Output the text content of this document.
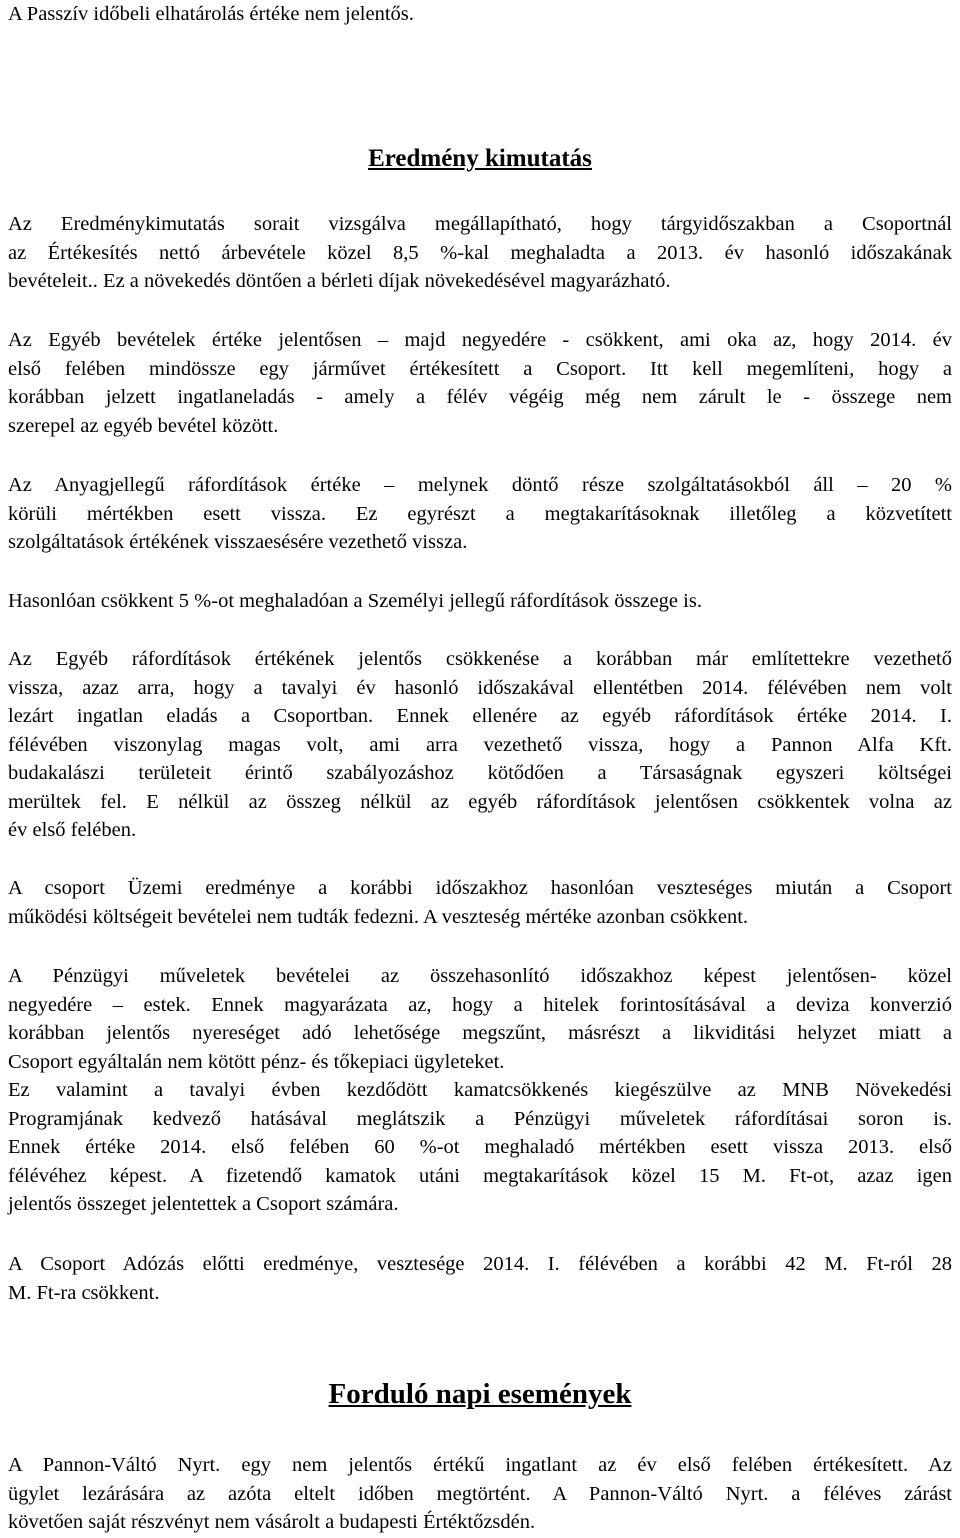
A Passzív időbeli elhatárolás értéke nem jelentős.
Eredmény kimutatás
Az Eredménykimutatás sorait vizsgálva megállapítható, hogy tárgyidőszakban a Csoportnál
az Értékesítés nettó árbevétele közel 8,5 %-kal meghaladta a 2013. év hasonló időszakának
bevételeit.. Ez a növekedés döntően a bérleti díjak növekedésével magyarázható.
Az Egyéb bevételek értéke jelentősen – majd negyedére - csökkent, ami oka az, hogy 2014. év
első felében mindössze egy járművet értékesített a Csoport. Itt kell megemlíteni, hogy a
korábban jelzett ingatlaneladás - amely a félév végéig még nem zárult le - összege nem
szerepel az egyéb bevétel között.
Az Anyagjellegű ráfordítások értéke – melynek döntő része szolgáltatásokból áll – 20 %
körüli mértékben esett vissza. Ez egyrészt a megtakarításoknak illetőleg a közvetített
szolgáltatások értékének visszaesésére vezethető vissza.
Hasonlóan csökkent 5 %-ot meghaladóan a Személyi jellegű ráfordítások összege is.
Az Egyéb ráfordítások értékének jelentős csökkenése a korábban már említettekre vezethető
vissza, azaz arra, hogy a tavalyi év hasonló időszakával ellentétben 2014. félévében nem volt
lezárt ingatlan eladás a Csoportban. Ennek ellenére az egyéb ráfordítások értéke 2014. I.
félévében viszonylag magas volt, ami arra vezethető vissza, hogy a Pannon Alfa Kft.
budakalászi területeit érintő szabályozáshoz kötődően a Társaságnak egyszeri költségei
merültek fel. E nélkül az összeg nélkül az egyéb ráfordítások jelentősen csökkentek volna az
év első felében.
A csoport Üzemi eredménye a korábbi időszakhoz hasonlóan veszteséges miután a Csoport
működési költségeit bevételei nem tudták fedezni. A veszteség mértéke azonban csökkent.
A Pénzügyi műveletek bevételei az összehasonlító időszakhoz képest jelentősen- közel
negyedére – estek. Ennek magyarázata az, hogy a hitelek forintosításával a deviza konverzió
korábban jelentős nyereséget adó lehetősége megszűnt, másrészt a likviditási helyzet miatt a
Csoport egyáltalán nem kötött pénz- és tőkepiaci ügyleteket.
Ez valamint a tavalyi évben kezdődött kamatcsökkenés kiegészülve az MNB Növekedési
Programjának kedvező hatásával meglátszik a Pénzügyi műveletek ráfordításai soron is.
Ennek értéke 2014. első felében 60 %-ot meghaladó mértékben esett vissza 2013. első
félévéhez képest. A fizetendő kamatok utáni megtakarítások közel 15 M. Ft-ot, azaz igen
jelentős összeget jelentettek a Csoport számára.
A Csoport Adózás előtti eredménye, vesztesége 2014. I. félévében a korábbi 42 M. Ft-ról 28
M. Ft-ra csökkent.
Forduló napi események
A Pannon-Váltó Nyrt. egy nem jelentős értékű ingatlant az év első felében értékesített. Az
ügylet lezárására az azóta eltelt időben megtörtént. A Pannon-Váltó Nyrt. a féléves zárást
követően saját részvényt nem vásárolt a budapesti Értéktőzsdén.
